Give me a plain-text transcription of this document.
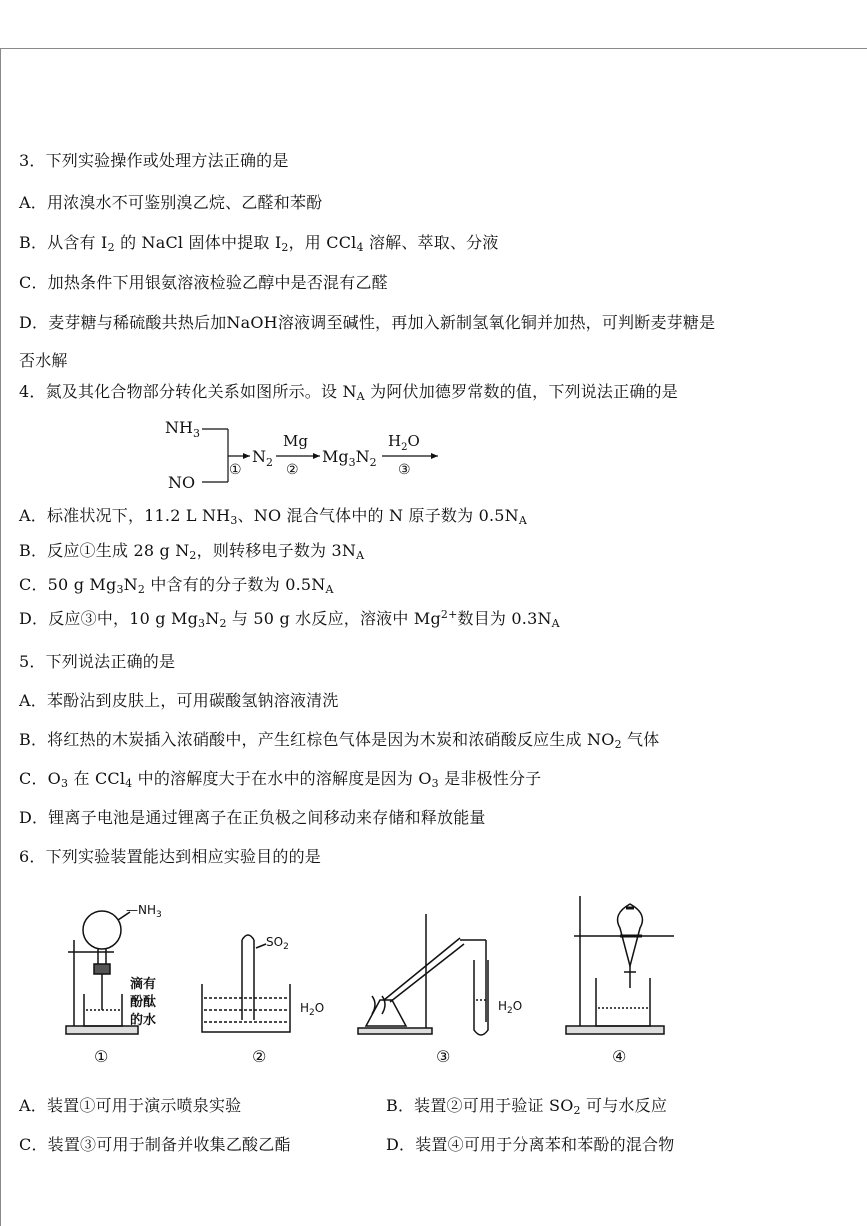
3．下列实验操作或处理方法正确的是
A．用浓溴水不可鉴别溴乙烷、乙醛和苯酚
B．从含有 $I_2$ 的 NaCl 固体中提取 $I_2$，用 CCl$_4$ 溶解、萃取、分液
C．加热条件下用银氨溶液检验乙醇中是否混有乙醛
D．麦芽糖与稀硫酸共热后加NaOH溶液调至碱性，再加入新制氢氧化铜并加热，可判断麦芽糖是
否水解
4．氮及其化合物部分转化关系如图所示。设 $N_A$ 为阿伏加德罗常数的值，下列说法正确的是
$NH_3$
NO
①
$N_2$
Mg
②
$Mg_3N_2$
$H_2O$
③
A．标准状况下，11.2 L $NH_3$、NO 混合气体中的 N 原子数为 $0.5N_A$
B．反应①生成 28 g $N_2$，则转移电子数为 $3N_A$
C．50 g $Mg_3N_2$ 中含有的分子数为 $0.5N_A$
D．反应③中，10 g $Mg_3N_2$ 与 50 g 水反应，溶液中 $Mg^{2+}$数目为 $0.3N_A$
5．下列说法正确的是
A．苯酚沾到皮肤上，可用碳酸氢钠溶液清洗
B．将红热的木炭插入浓硝酸中，产生红棕色气体是因为木炭和浓硝酸反应生成 $NO_2$ 气体
C．$O_3$ 在 CCl$_4$ 中的溶解度大于在水中的溶解度是因为 $O_3$ 是非极性分子
D．锂离子电池是通过锂离子在正负极之间移动来存储和释放能量
6．下列实验装置能达到相应实验目的的是
$—NH_3$
滴有
酚酞
的水
①
$SO_2$
$H_2O$
②
$H_2O$
③	④
A．装置①可用于演示喷泉实验	B．装置②可用于验证 $SO_2$ 可与水反应
C．装置③可用于制备并收集乙酸乙酯	D．装置④可用于分离苯和苯酚的混合物
